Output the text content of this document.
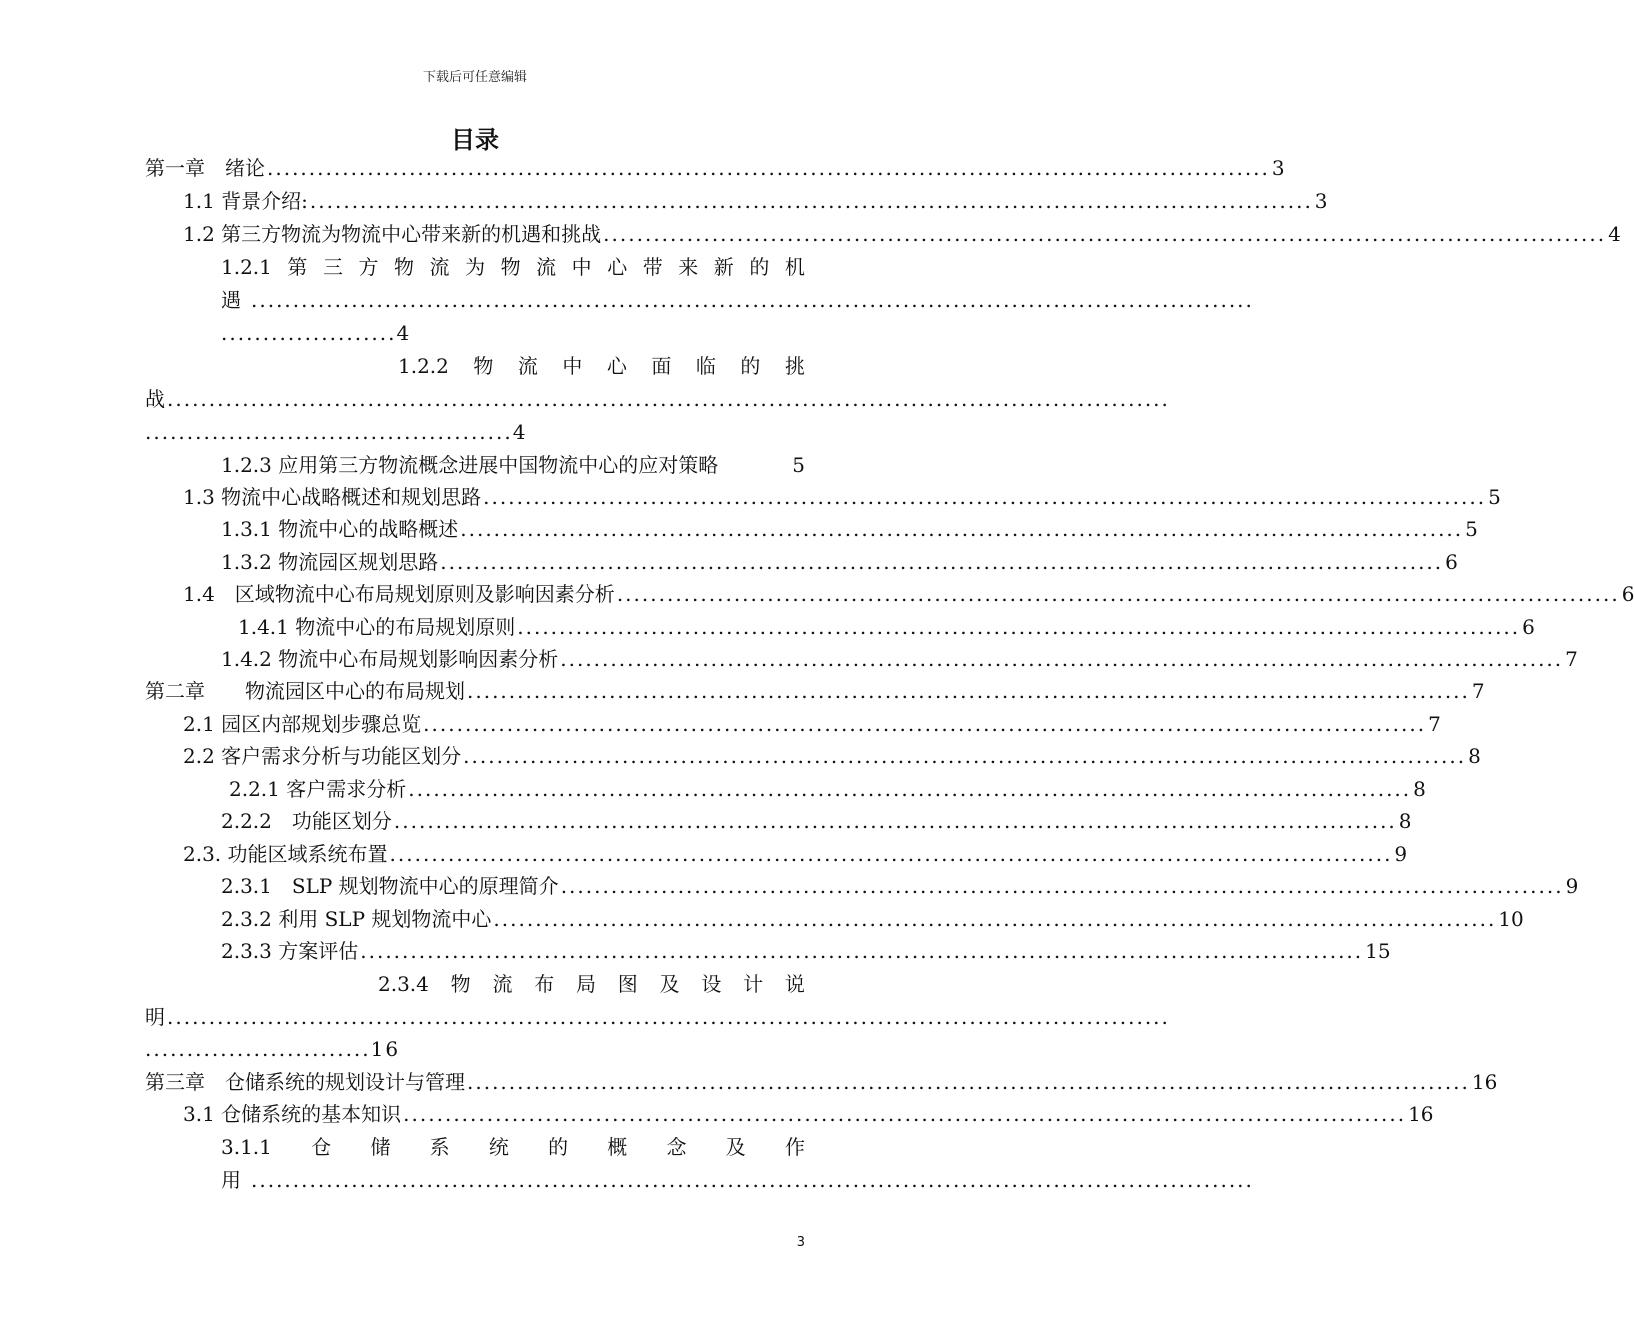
下载后可任意编辑
目录
第一章　绪论 ........................................................................................................................ 3
1.1 背景介绍: ........................................................................................................................ 3
1.2 第三方物流为物流中心带来新的机遇和挑战 ........................................................................................................................ 4
1.2.1 第 三 方 物 流 为 物 流 中 心 带 来 新 的 机
遇 ........................................................................................................................
.....................4
1.2.2 物 流 中 心 面 临 的 挑
战 ........................................................................................................................
............................................4
1.2.3 应用第三方物流概念进展中国物流中心的应对策略	5
1.3 物流中心战略概述和规划思路 ........................................................................................................................ 5
1.3.1 物流中心的战略概述 ........................................................................................................................ 5
1.3.2 物流园区规划思路 ........................................................................................................................ 6
1.4　区域物流中心布局规划原则及影响因素分析 ........................................................................................................................ 6
1.4.1 物流中心的布局规划原则 ........................................................................................................................ 6
1.4.2 物流中心布局规划影响因素分析 ........................................................................................................................ 7
第二章　　物流园区中心的布局规划 ........................................................................................................................ 7
2.1 园区内部规划步骤总览 ........................................................................................................................ 7
2.2 客户需求分析与功能区划分 ........................................................................................................................ 8
2.2.1 客户需求分析 ........................................................................................................................ 8
2.2.2　功能区划分 ........................................................................................................................ 8
2.3. 功能区域系统布置 ........................................................................................................................ 9
2.3.1　SLP 规划物流中心的原理简介 ........................................................................................................................ 9
2.3.2 利用 SLP 规划物流中心 ........................................................................................................................ 10
2.3.3 方案评估 ........................................................................................................................ 15
2.3.4 物 流 布 局 图 及 设 计 说
明 ........................................................................................................................
...........................16
第三章　仓储系统的规划设计与管理 ........................................................................................................................ 16
3.1 仓储系统的基本知识 ........................................................................................................................ 16
3.1.1 仓 储 系 统 的 概 念 及 作
用 ........................................................................................................................
3
